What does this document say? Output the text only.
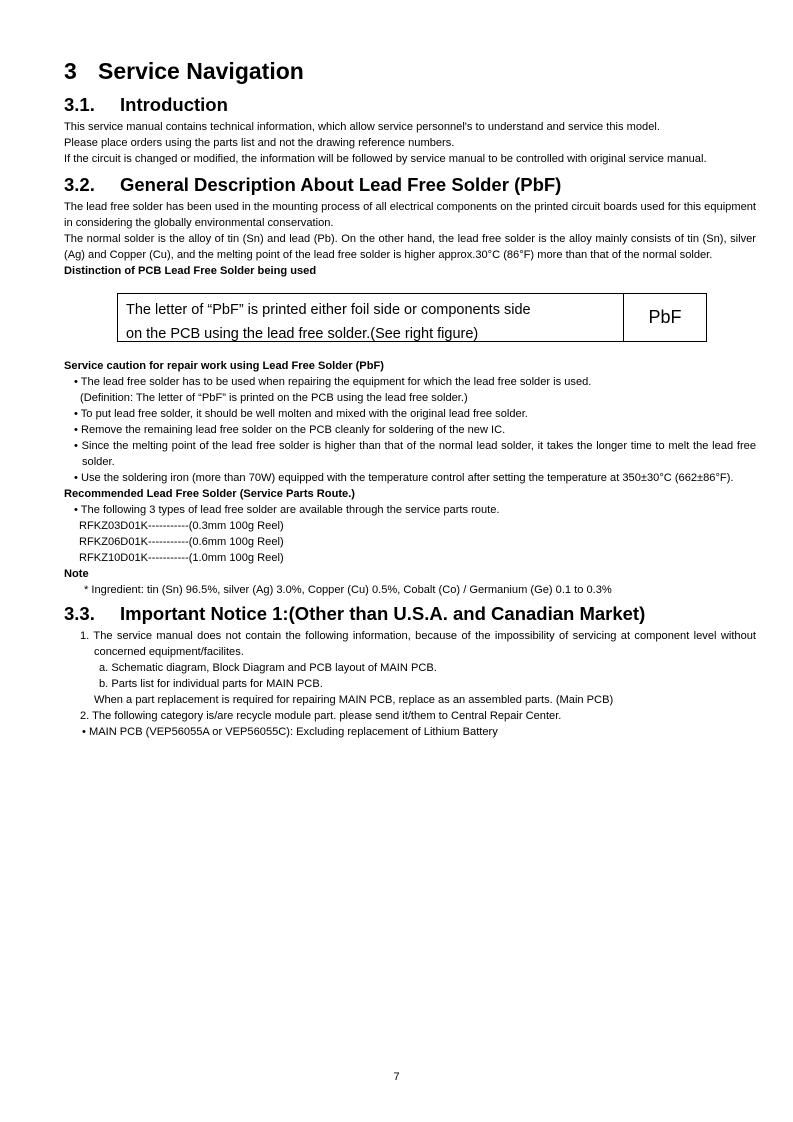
3 Service Navigation
3.1. Introduction

This service manual contains technical information, which allow service personnel's to understand and service this model.

Please place orders using the parts list and not the drawing reference numbers.

If the circuit is changed or modified, the information will be followed by service manual to be controlled with original service manual.

3.2. General Description About Lead Free Solder (PbF)

The lead free solder has been used in the mounting process of all electrical components on the printed circuit boards used for this equipment in considering the globally environmental conservation.

The normal solder is the alloy of tin (Sn) and lead (Pb). On the other hand, the lead free solder is the alloy mainly consists of tin (Sn), silver (Ag) and Copper (Cu), and the melting point of the lead free solder is higher approx.30°C (86°F) more than that of the normal solder.

Distinction of PCB Lead Free Solder being used

The letter of “PbF” is printed either foil side or components side
on the PCB using the lead free solder.(See right figure)
PbF

Service caution for repair work using Lead Free Solder (PbF)

• The lead free solder has to be used when repairing the equipment for which the lead free solder is used.

(Definition: The letter of “PbF” is printed on the PCB using the lead free solder.)

• To put lead free solder, it should be well molten and mixed with the original lead free solder.

• Remove the remaining lead free solder on the PCB cleanly for soldering of the new IC.

• Since the melting point of the lead free solder is higher than that of the normal lead solder, it takes the longer time to melt the lead free solder.

• Use the soldering iron (more than 70W) equipped with the temperature control after setting the temperature at 350±30°C (662±86°F).

Recommended Lead Free Solder (Service Parts Route.)

• The following 3 types of lead free solder are available through the service parts route.

RFKZ03D01K-----------(0.3mm 100g Reel)

RFKZ06D01K-----------(0.6mm 100g Reel)

RFKZ10D01K-----------(1.0mm 100g Reel)

Note

* Ingredient: tin (Sn) 96.5%, silver (Ag) 3.0%, Copper (Cu) 0.5%, Cobalt (Co) / Germanium (Ge) 0.1 to 0.3%

3.3. Important Notice 1:(Other than U.S.A. and Canadian Market)

1. The service manual does not contain the following information, because of the impossibility of servicing at component level without concerned equipment/facilites.

a. Schematic diagram, Block Diagram and PCB layout of MAIN PCB.

b. Parts list for individual parts for MAIN PCB.

When a part replacement is required for repairing MAIN PCB, replace as an assembled parts. (Main PCB)

2. The following category is/are recycle module part. please send it/them to Central Repair Center.

• MAIN PCB (VEP56055A or VEP56055C): Excluding replacement of Lithium Battery

7
